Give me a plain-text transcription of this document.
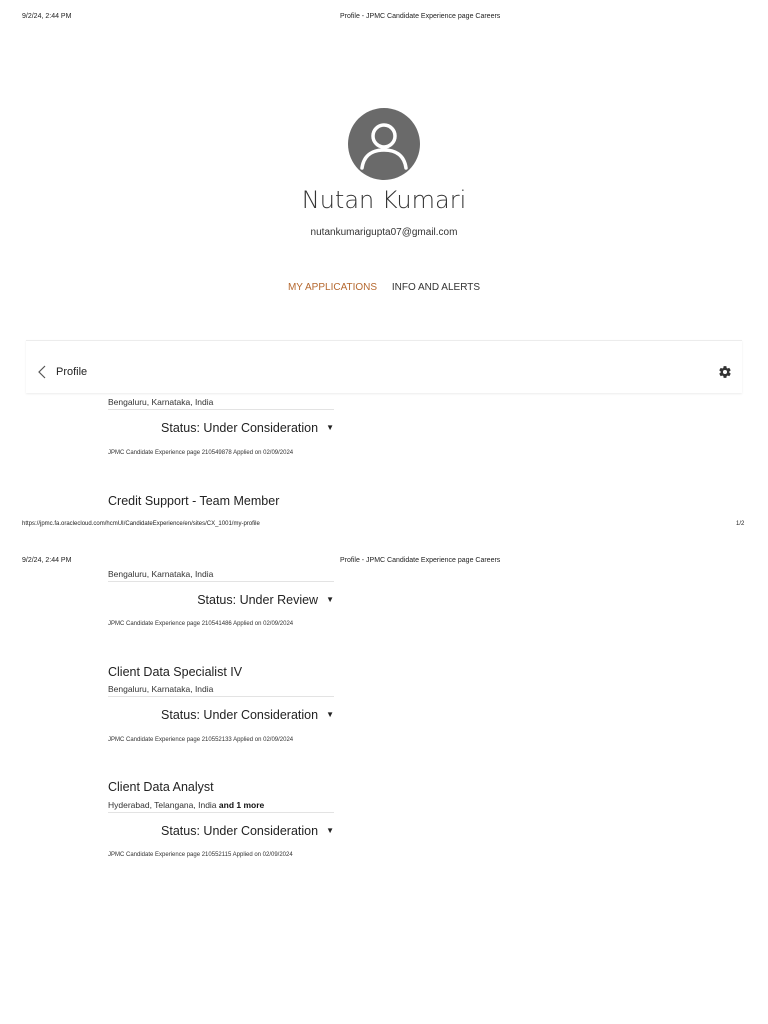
9/2/24, 2:44 PM	Profile - JPMC Candidate Experience page Careers
Nutan Kumari
nutankumarigupta07@gmail.com
MY APPLICATIONS INFO AND ALERTS
Profile
Bengaluru, Karnataka, India
Status: Under Consideration ▼
JPMC Candidate Experience page 210549878 Applied on 02/09/2024
Credit Support - Team Member
https://jpmc.fa.oraclecloud.com/hcmUI/CandidateExperience/en/sites/CX_1001/my-profile	1/2
9/2/24, 2:44 PM	Profile - JPMC Candidate Experience page Careers
Bengaluru, Karnataka, India
Status: Under Review ▼
JPMC Candidate Experience page 210541486 Applied on 02/09/2024
Client Data Specialist IV
Bengaluru, Karnataka, India
Status: Under Consideration ▼
JPMC Candidate Experience page 210552133 Applied on 02/09/2024
Client Data Analyst
Hyderabad, Telangana, India and 1 more
Status: Under Consideration ▼
JPMC Candidate Experience page 210552115 Applied on 02/09/2024
